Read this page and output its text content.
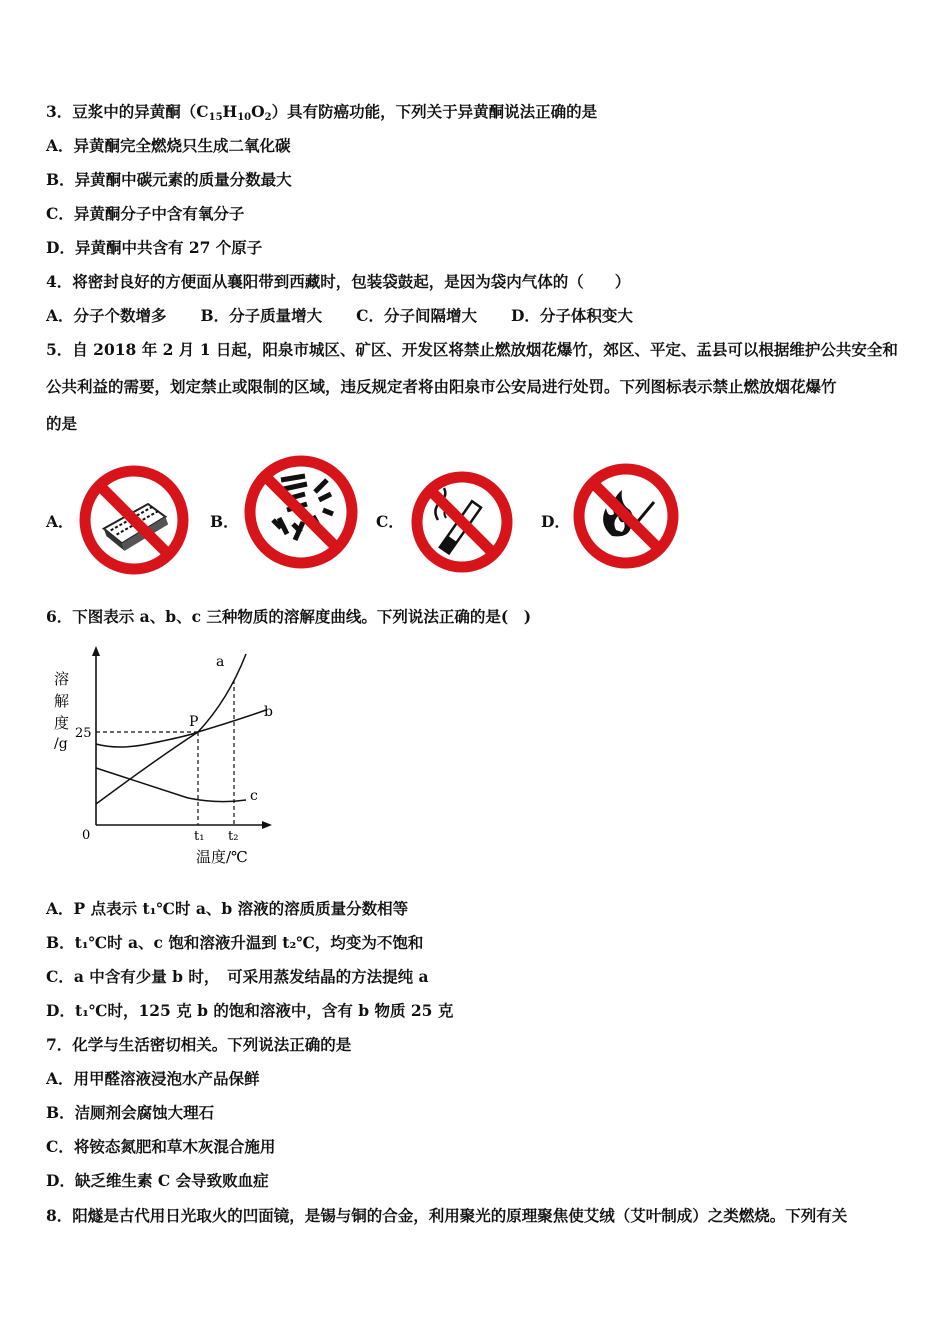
3．豆浆中的异黄酮$(C_{15}H_{10}O_2)$具有防癌功能，下列关于异黄酮说法正确的是
A．异黄酮完全燃烧只生成二氧化碳
B．异黄酮中碳元素的质量分数最大
C．异黄酮分子中含有氧分子
D．异黄酮中共含有 27 个原子
4．将密封良好的方便面从襄阳带到西藏时，包装袋鼓起，是因为袋内气体的（　　）
A．分子个数增多 B．分子质量增大 C．分子间隔增大 D．分子体积变大
5．自 2018 年 2 月 1 日起，阳泉市城区、矿区、开发区将禁止燃放烟花爆竹，郊区、平定、盂县可以根据维护公共安全和
公共利益的需要，划定禁止或限制的区域，违反规定者将由阳泉市公安局进行处罚。下列图标表示禁止燃放烟花爆竹
的是
A．	B．	C．	D．
6．下图表示 a、b、c 三种物质的溶解度曲线。下列说法正确的是(　)
溶
解
度
/g
25
0	t₁ t₂
温度/℃
P
a
b
c
A．P 点表示 t₁℃时 a、b 溶液的溶质质量分数相等
B．t₁℃时 a、c 饱和溶液升温到 t₂℃，均变为不饱和
C．a 中含有少量 b 时，　可采用蒸发结晶的方法提纯 a
D．t₁℃时，125 克 b 的饱和溶液中，含有 b 物质 25 克
7．化学与生活密切相关。下列说法正确的是
A．用甲醛溶液浸泡水产品保鲜
B．洁厕剂会腐蚀大理石
C．将铵态氮肥和草木灰混合施用
D．缺乏维生素 C 会导致败血症
8．阳燧是古代用日光取火的凹面镜，是锡与铜的合金，利用聚光的原理聚焦使艾绒（艾叶制成）之类燃烧。下列有关
